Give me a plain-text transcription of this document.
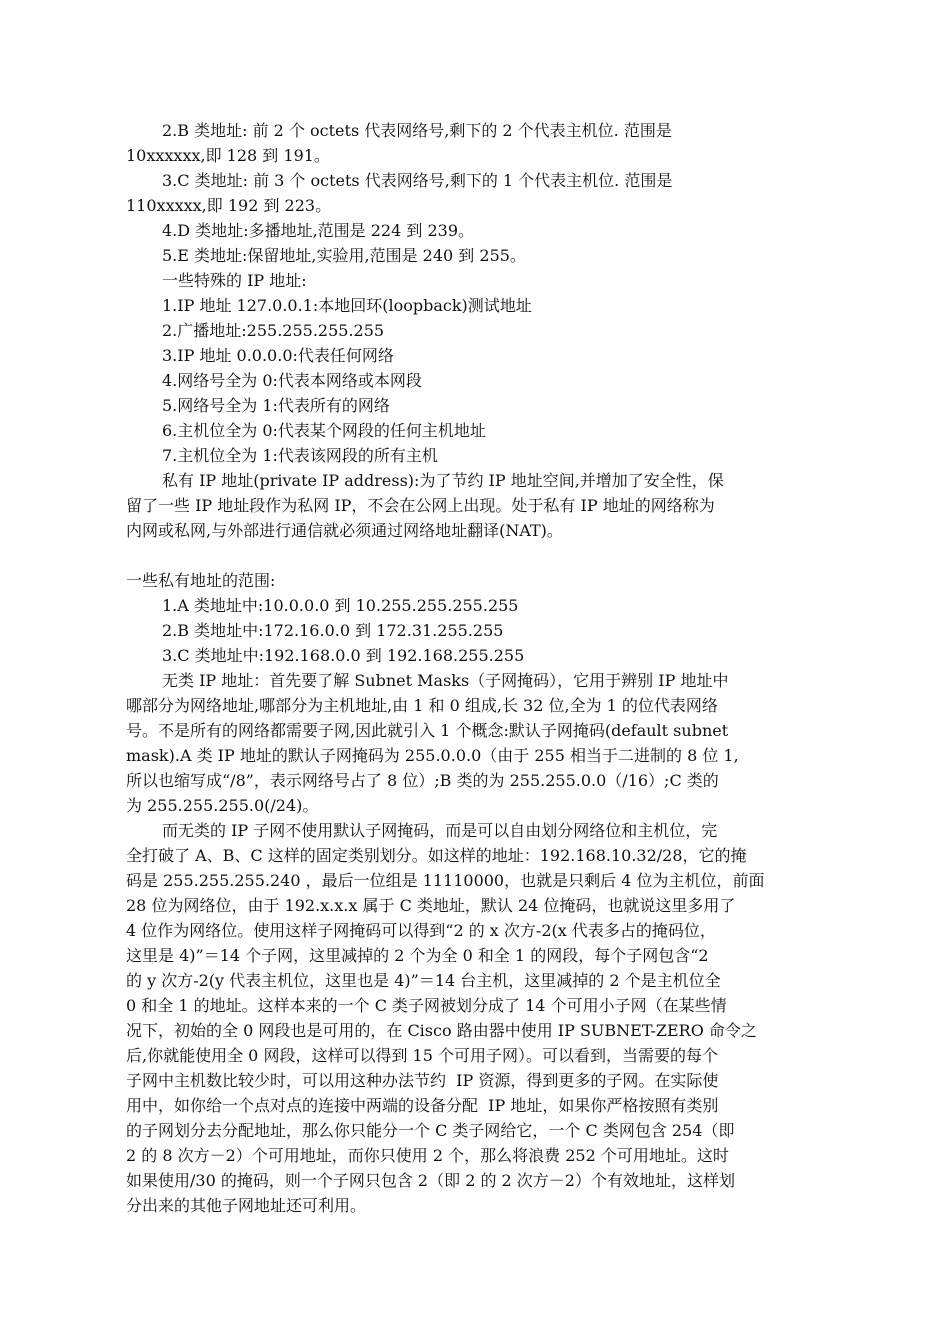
2.B 类地址: 前 2 个 octets 代表网络号,剩下的 2 个代表主机位. 范围是
10xxxxxx,即 128 到 191。
3.C 类地址: 前 3 个 octets 代表网络号,剩下的 1 个代表主机位. 范围是
110xxxxx,即 192 到 223。
4.D 类地址:多播地址,范围是 224 到 239。
5.E 类地址:保留地址,实验用,范围是 240 到 255。
一些特殊的 IP 地址:
1.IP 地址 127.0.0.1:本地回环(loopback)测试地址
2.广播地址:255.255.255.255
3.IP 地址 0.0.0.0:代表任何网络
4.网络号全为 0:代表本网络或本网段
5.网络号全为 1:代表所有的网络
6.主机位全为 0:代表某个网段的任何主机地址
7.主机位全为 1:代表该网段的所有主机
私有 IP 地址(private IP address):为了节约 IP 地址空间,并增加了安全性，保
留了一些 IP 地址段作为私网 IP，不会在公网上出现。处于私有 IP 地址的网络称为
内网或私网,与外部进行通信就必须通过网络地址翻译(NAT)。
一些私有地址的范围:
1.A 类地址中:10.0.0.0 到 10.255.255.255.255
2.B 类地址中:172.16.0.0 到 172.31.255.255
3.C 类地址中:192.168.0.0 到 192.168.255.255
无类 IP 地址：首先要了解 Subnet Masks（子网掩码），它用于辨别 IP 地址中
哪部分为网络地址,哪部分为主机地址,由 1 和 0 组成,长 32 位,全为 1 的位代表网络
号。不是所有的网络都需要子网,因此就引入 1 个概念:默认子网掩码(default subnet
mask).A 类 IP 地址的默认子网掩码为 255.0.0.0（由于 255 相当于二进制的 8 位 1,
所以也缩写成“/8”，表示网络号占了 8 位）;B 类的为 255.255.0.0（/16）;C 类的
为 255.255.255.0(/24)。
而无类的 IP 子网不使用默认子网掩码，而是可以自由划分网络位和主机位，完
全打破了 A、B、C 这样的固定类别划分。如这样的地址：192.168.10.32/28，它的掩
码是 255.255.255.240 ，最后一位组是 11110000，也就是只剩后 4 位为主机位，前面
28 位为网络位，由于 192.x.x.x 属于 C 类地址，默认 24 位掩码，也就说这里多用了
4 位作为网络位。使用这样子网掩码可以得到“2 的 x 次方-2(x 代表多占的掩码位，
这里是 4)”＝14 个子网，这里减掉的 2 个为全 0 和全 1 的网段，每个子网包含“2
的 y 次方-2(y 代表主机位，这里也是 4)”＝14 台主机，这里减掉的 2 个是主机位全
0 和全 1 的地址。这样本来的一个 C 类子网被划分成了 14 个可用小子网（在某些情
况下，初始的全 0 网段也是可用的，在 Cisco 路由器中使用 IP SUBNET-ZERO 命令之
后,你就能使用全 0 网段，这样可以得到 15 个可用子网）。可以看到，当需要的每个
子网中主机数比较少时，可以用这种办法节约  IP 资源，得到更多的子网。在实际使
用中，如你给一个点对点的连接中两端的设备分配  IP 地址，如果你严格按照有类别
的子网划分去分配地址，那么你只能分一个 C 类子网给它，一个 C 类网包含 254（即
2 的 8 次方－2）个可用地址，而你只使用 2 个，那么将浪费 252 个可用地址。这时
如果使用/30 的掩码，则一个子网只包含 2（即 2 的 2 次方－2）个有效地址，这样划
分出来的其他子网地址还可利用。
